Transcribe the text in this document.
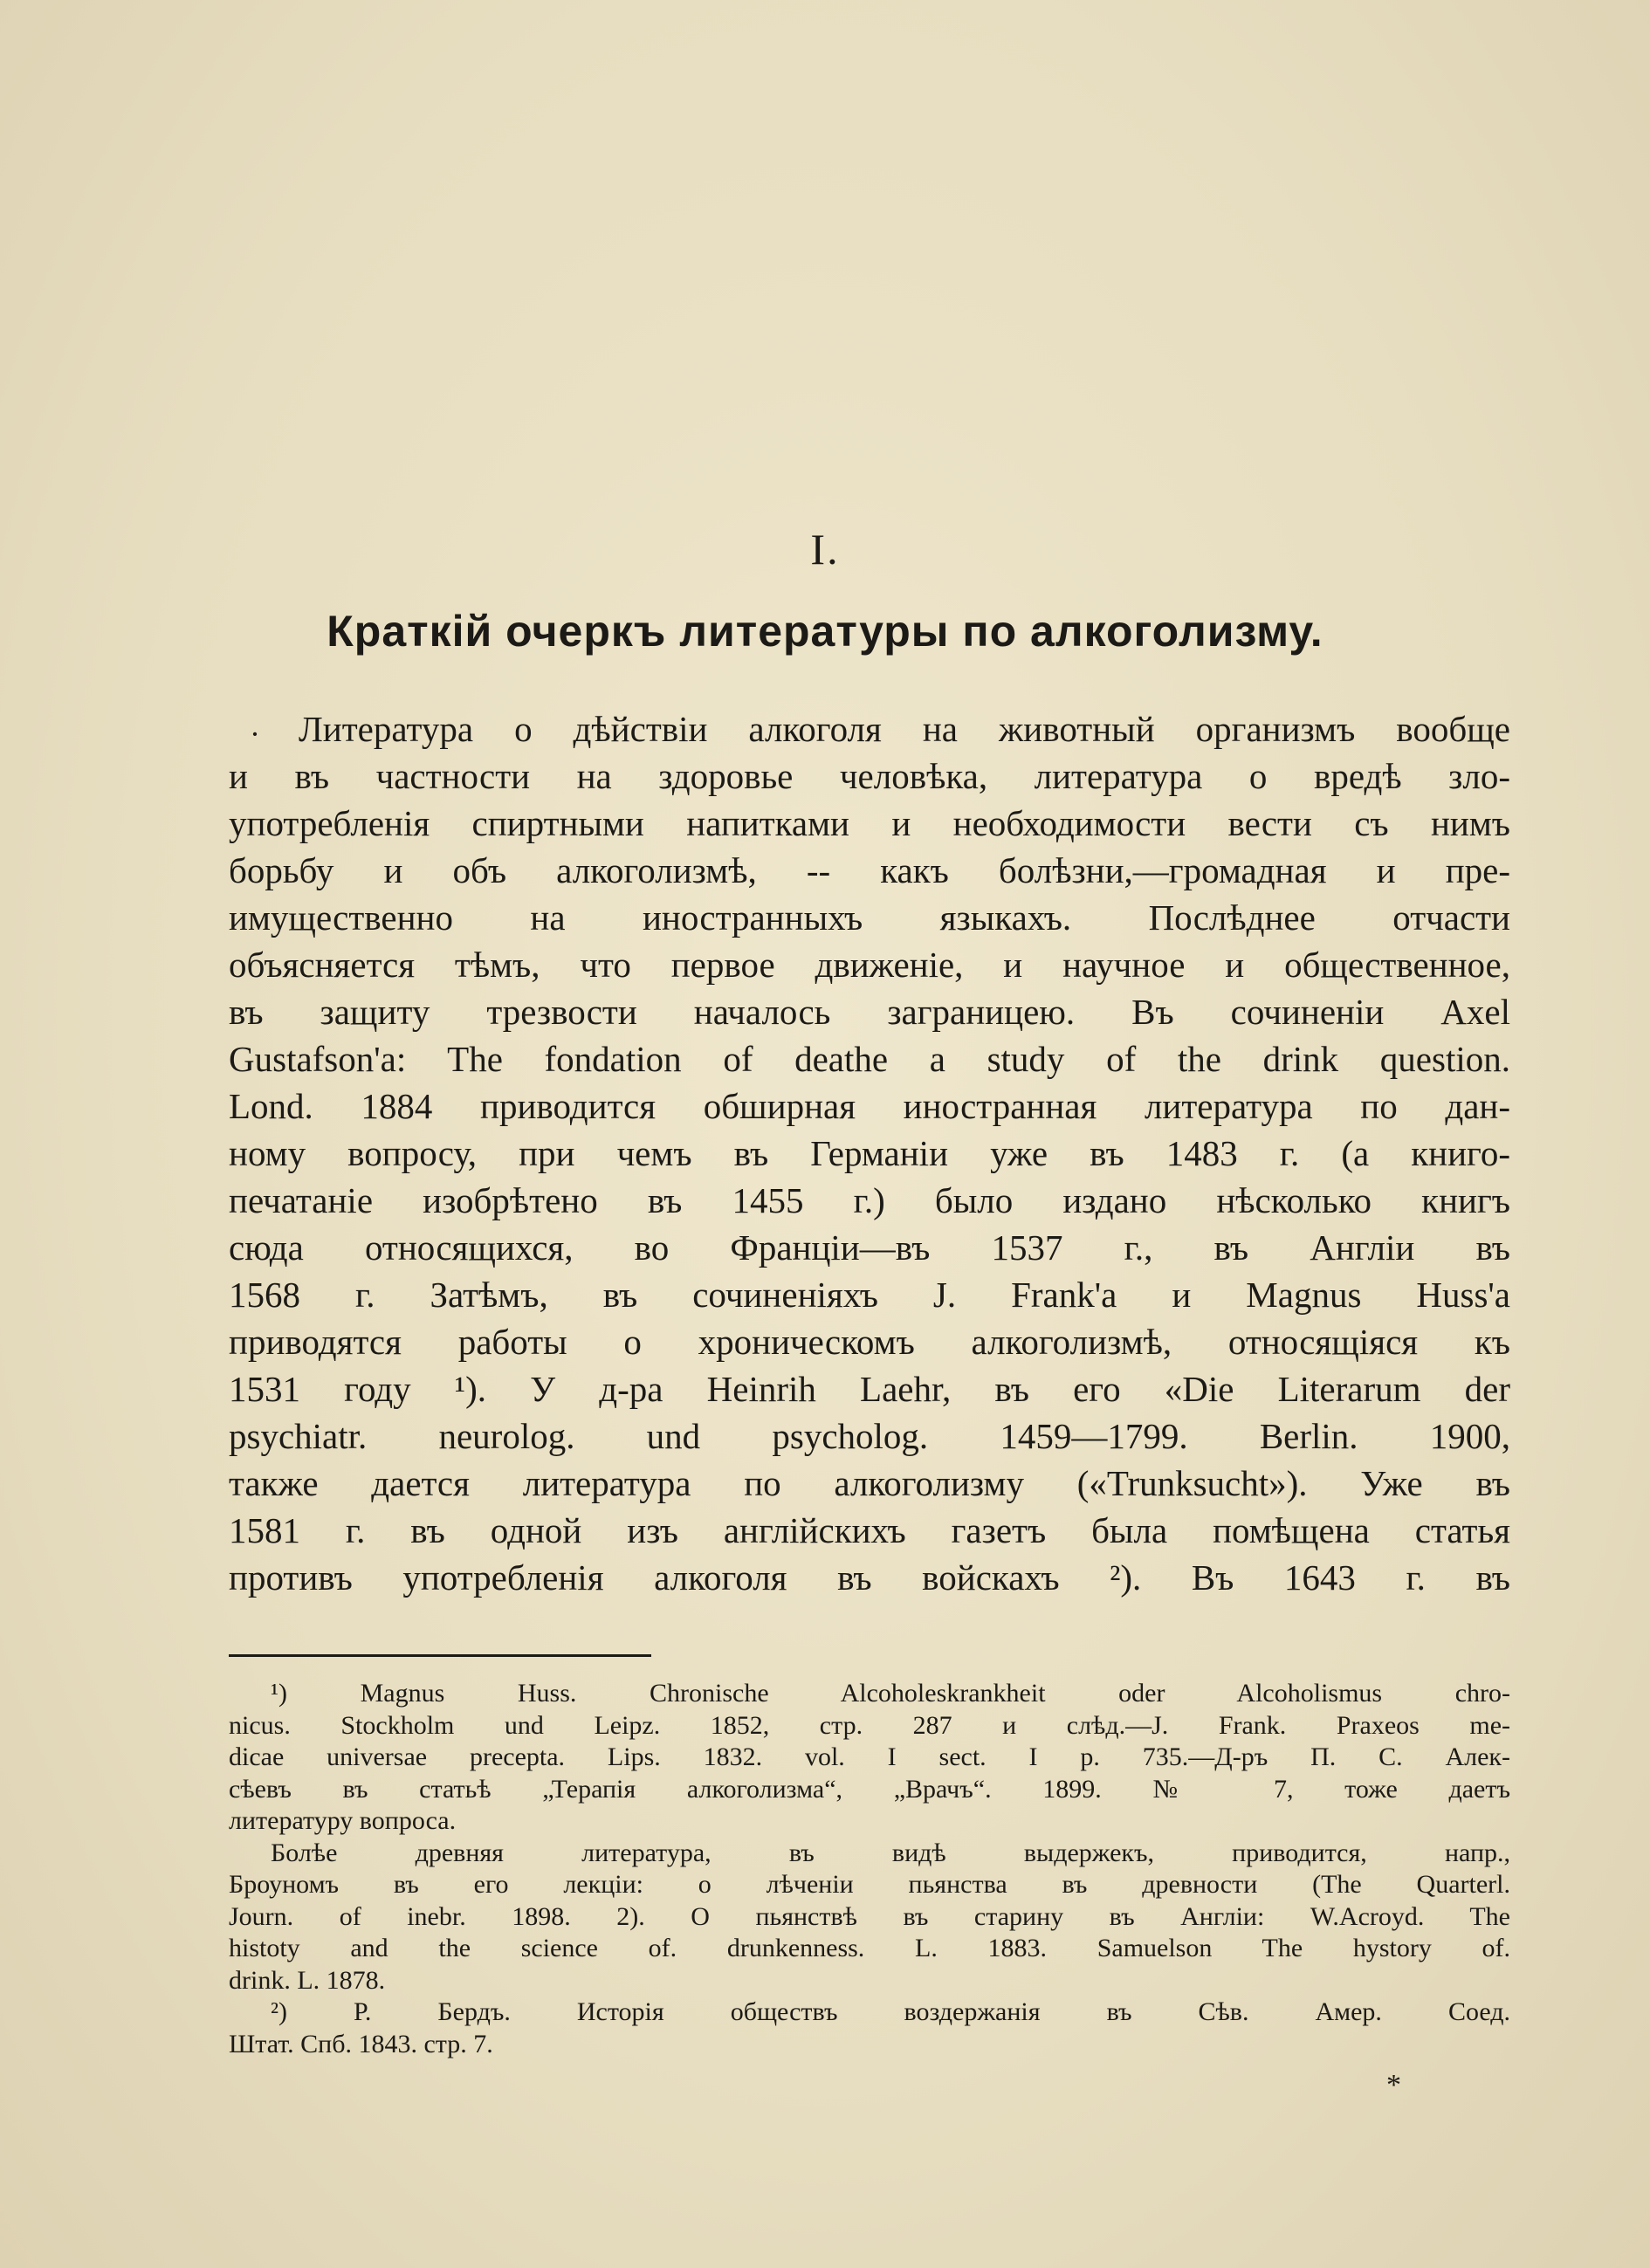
I.
Краткій очеркъ литературы по алкоголизму.
·	Литература о дѣйствіи алкоголя на животный организмъ вообще
и въ частности на здоровье человѣка, литература о вредѣ зло-
употребленія спиртными напитками и необходимости вести съ нимъ
борьбу и объ алкоголизмѣ, -- какъ болѣзни,—громадная и пре-
имущественно на иностранныхъ языкахъ. Послѣднее отчасти
объясняется тѣмъ, что первое движеніе, и научное и общественное,
въ защиту трезвости началось заграницею. Въ сочиненіи Axel
Gustafson'a: The fondation of deathe a study of the drink question.
Lond. 1884 приводится обширная иностранная литература по дан-
ному вопросу, при чемъ въ Германіи уже въ 1483 г. (а книго-
печатаніе изобрѣтено въ 1455 г.) было издано нѣсколько книгъ
сюда относящихся, во Франціи—въ 1537 г., въ Англіи въ
1568 г. Затѣмъ, въ сочиненіяхъ J. Frank'a и Magnus Huss'a
приводятся работы о хроническомъ алкоголизмѣ, относящіяся къ
1531 году ¹). У д-ра Heinrih Laehr, въ его «Die Literarum der
psychiatr. neurolog. und psycholog. 1459—1799. Berlin. 1900,
также дается литература по алкоголизму («Trunksucht»). Уже въ
1581 г. въ одной изъ англійскихъ газетъ была помѣщена статья
противъ употребленія алкоголя въ войскахъ ²). Въ 1643 г. въ
¹) Magnus Huss. Chronische Alcoholeskrankheit oder Alcoholismus chro-
nicus. Stockholm und Leipz. 1852, стр. 287 и слѣд.—J. Frank. Praxeos me-
dicae universae precepta. Lips. 1832. vol. I sect. I p. 735.—Д-ръ П. С. Алек-
сѣевъ въ статьѣ „Терапія алкоголизма“, „Врачъ“. 1899. № 7, тоже даетъ
литературу вопроса.
Болѣе древняя литература, въ видѣ выдержекъ, приводится, напр.,
Броуномъ въ его лекціи: о лѣченіи пьянства въ древности (The Quarterl.
Journ. of inebr. 1898. 2). О пьянствѣ въ старину въ Англіи: W.Acroyd. The
histoty and the science of. drunkenness. L. 1883. Samuelson The hystory of.
drink. L. 1878.
²) Р. Бердъ. Исторія обществъ воздержанія въ Сѣв. Амер. Соед.
Штат. Спб. 1843. стр. 7.
*
